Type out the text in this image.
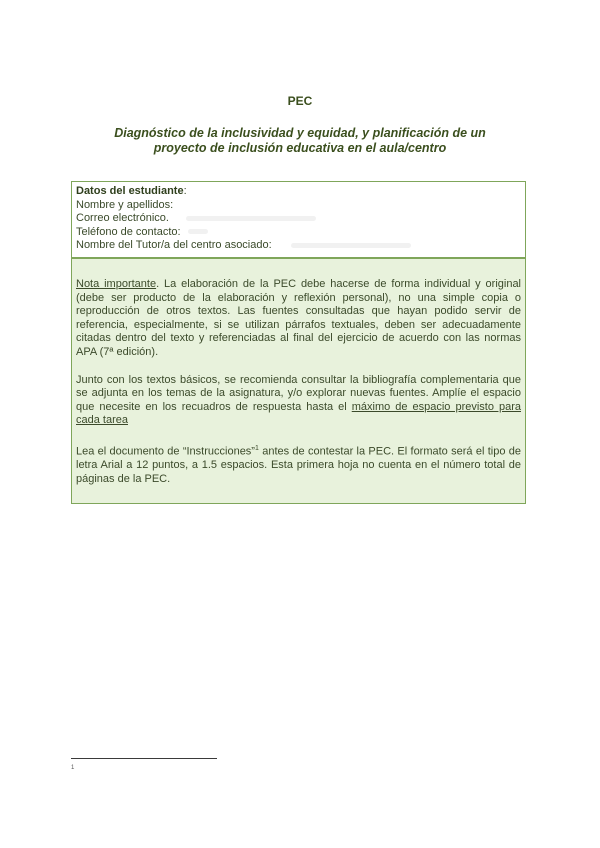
PEC
Diagnóstico de la inclusividad y equidad, y planificación de un
proyecto de inclusión educativa en el aula/centro
Datos del estudiante:
Nombre y apellidos:
Correo electrónico.
Teléfono de contacto:
Nombre del Tutor/a del centro asociado:

Nota importante. La elaboración de la PEC debe hacerse de forma individual y original (debe ser producto de la elaboración y reflexión personal), no una simple copia o reproducción de otros textos. Las fuentes consultadas que hayan podido servir de referencia, especialmente, si se utilizan párrafos textuales, deben ser adecuadamente citadas dentro del texto y referenciadas al final del ejercicio de acuerdo con las normas APA (7ª edición).

Junto con los textos básicos, se recomienda consultar la bibliografía complementaria que se adjunta en los temas de la asignatura, y/o explorar nuevas fuentes. Amplíe el espacio que necesite en los recuadros de respuesta hasta el máximo de espacio previsto para cada tarea

Lea el documento de “Instrucciones”$^1$ antes de contestar la PEC. El formato será el tipo de letra Arial a 12 puntos, a 1.5 espacios. Esta primera hoja no cuenta en el número total de páginas de la PEC.

1
